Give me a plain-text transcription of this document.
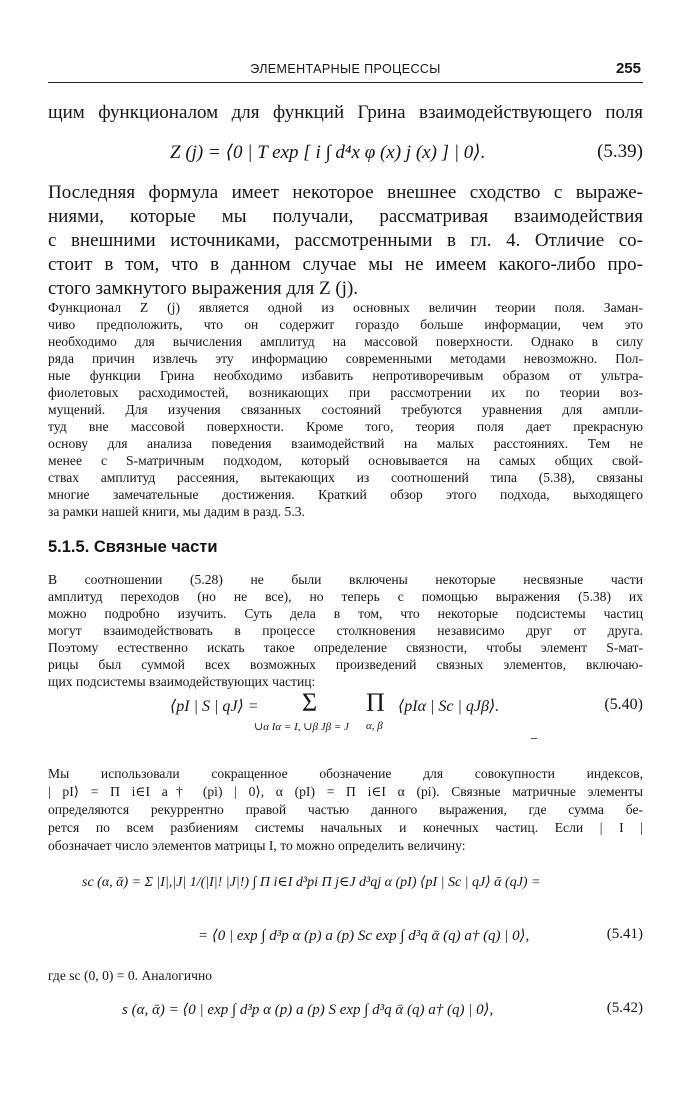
ЭЛЕМЕНТАРНЫЕ ПРОЦЕССЫ	255
щим функционалом для функций Грина взаимодействующего поля
Z (j) = ⟨0 | T exp [ i ∫ d⁴x φ (x) j (x) ] | 0⟩.	(5.39)
Последняя формула имеет некоторое внешнее сходство с выраже-
ниями, которые мы получали, рассматривая взаимодействия
с внешними источниками, рассмотренными в гл. 4. Отличие со-
стоит в том, что в данном случае мы не имеем какого-либо про-
стого замкнутого выражения для Z (j).
Функционал Z (j) является одной из основных величин теории поля. Заман-
чиво предположить, что он содержит гораздо больше информации, чем это
необходимо для вычисления амплитуд на массовой поверхности. Однако в силу
ряда причин извлечь эту информацию современными методами невозможно. Пол-
ные функции Грина необходимо избавить непротиворечивым образом от ультра-
фиолетовых расходимостей, возникающих при рассмотрении их по теории воз-
мущений. Для изучения связанных состояний требуются уравнения для ампли-
туд вне массовой поверхности. Кроме того, теория поля дает прекрасную
основу для анализа поведения взаимодействий на малых расстояниях. Тем не
менее с S-матричным подходом, который основывается на самых общих свой-
ствах амплитуд рассеяния, вытекающих из соотношений типа (5.38), связаны
многие замечательные достижения. Краткий обзор этого подхода, выходящего
за рамки нашей книги, мы дадим в разд. 5.3.
5.1.5. Связные части
В соотношении (5.28) не были включены некоторые несвязные части
амплитуд переходов (но не все), но теперь с помощью выражения (5.38) их
можно подробно изучить. Суть дела в том, что некоторые подсистемы частиц
могут взаимодействовать в процессе столкновения независимо друг от друга.
Поэтому естественно искать такое определение связности, чтобы элемент S-мат-
рицы был суммой всех возможных произведений связных элементов, включаю-
щих подсистемы взаимодействующих частиц:
⟨pI | S | qJ⟩ = Σ
∪α Iα = I, ∪β Jβ = J
Π
α, β
⟨pIα | Sc | qJβ⟩.	(5.40)
Мы использовали сокращенное обозначение для совокупности индексов,
| pI⟩ = Π i∈I a† (pi) | 0⟩, α (pI) = Π i∈I α (pi). Связные матричные элементы
определяются рекуррентно правой частью данного выражения, где сумма бе-
рется по всем разбиениям системы начальных и конечных частиц. Если | I |
обозначает число элементов матрицы I, то можно определить величину:
sc (α, ᾱ) = Σ |I|,|J| 1/(|I|! |J|!) ∫ Π i∈I d³pi Π j∈J d³qj α (pI) ⟨pI | Sc | qJ⟩ ᾱ (qJ) =
= ⟨0 | exp ∫ d³p α (p) a (p) Sc exp ∫ d³q ᾱ (q) a† (q) | 0⟩,	(5.41)
где sc (0, 0) = 0. Аналогично
s (α, ᾱ) = ⟨0 | exp ∫ d³p α (p) a (p) S exp ∫ d³q ᾱ (q) a† (q) | 0⟩,	(5.42)
